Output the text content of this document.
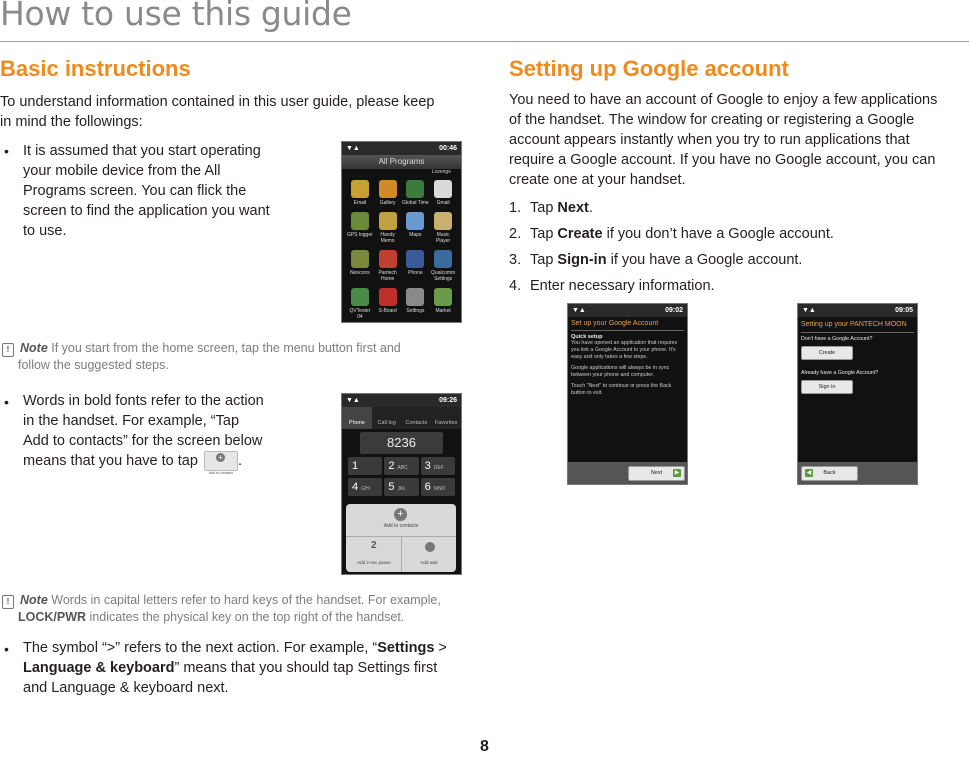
How to use this guide
Basic instructions
To understand information contained in this user guide, please keep
in mind the followings:
• It is assumed that you start operating
your mobile device from the All
Programs screen. You can flick the
screen to find the application you want
to use.
▼▲	00:46
All Programs
Lozenge
Email	Gallery Global Time Gmail
GPS logger	Handy Memo
Maps	Music Player
Neocons	Pantech Home
Phone	Qualcomm Settings
QVTester 04
S-Board Settings Market
! Note If you start from the home screen, tap the menu button first and
follow the suggested steps.
• Words in bold fonts refer to the action
in the handset. For example, “Tap
Add to contacts” for the screen below
means that you have to tap	+
Add to contacts
.
▼▲	09:26
Phone	Call log	Contacts	Favorites
8236
1	2 ABC	3 DEF
4 GHI	5 JKL	6 MNO
+
Add to contacts
2
Add 2-sec pause	Add wait
! Note Words in capital letters refer to hard keys of the handset. For example,
LOCK/PWR indicates the physical key on the top right of the handset.
• The symbol “>” refers to the next action. For example, “Settings >
Language & keyboard” means that you should tap Settings first
and Language & keyboard next.
Setting up Google account
You need to have an account of Google to enjoy a few applications
of the handset. The window for creating or registering a Google
account appears instantly when you try to run applications that
require a Google account. If you have no Google account, you can
create one at your handset.
1. Tap Next.
2. Tap Create if you don’t have a Google account.
3. Tap Sign-in if you have a Google account.
4. Enter necessary information.
▼▲	09:02
Set up your Google Account
Quick setup
You have opened an application that requires you link a Google Account to your phone. It's easy and only takes a few steps.
Google applications will always be in sync between your phone and computer.
Touch "Next" to continue or press the Back button to exit.
Next ▶
▼▲	09:05
Setting up your PANTECH MOON
Don't have a Google Account?
Create
Already have a Google Account?
Sign in
◀	Back
8
